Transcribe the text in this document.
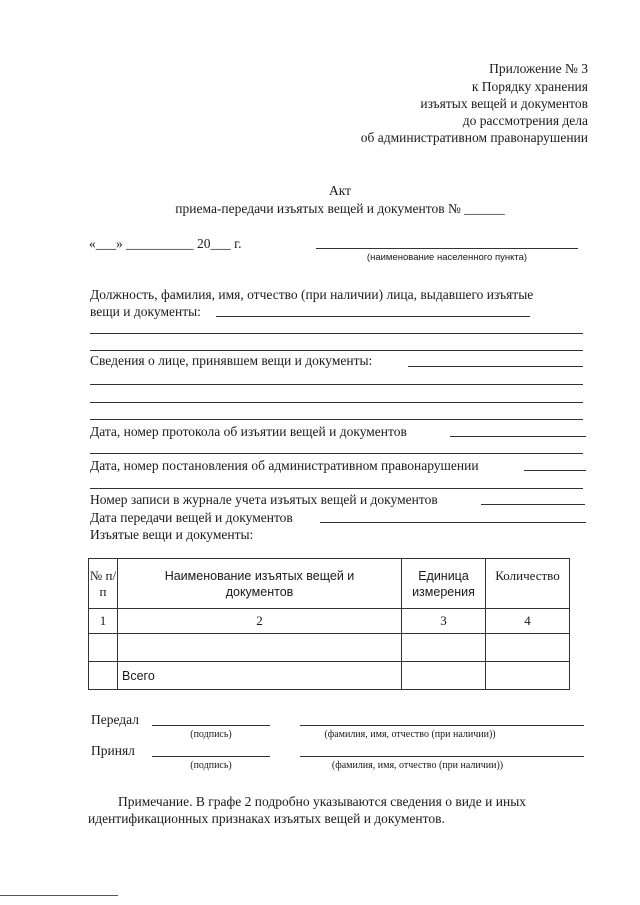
Приложение № 3
к Порядку хранения
изъятых вещей и документов
до рассмотрения дела
об административном правонарушении
Акт
приема-передачи изъятых вещей и документов № ______
«___» __________ 20___ г.
(наименование населенного пункта)
Должность, фамилия, имя, отчество (при наличии) лица, выдавшего изъятые
вещи и документы:
Сведения о лице, принявшем вещи и документы:
Дата, номер протокола об изъятии вещей и документов
Дата, номер постановления об административном правонарушении
Номер записи в журнале учета изъятых вещей и документов
Дата передачи вещей и документов
Изъятые вещи и документы:
№ п/п	Наименование изъятых вещей и документов	Единица измерения	Количество
1	2	3	4

	Всего		
Передал
(подпись)	(фамилия, имя, отчество (при наличии))
Принял
(подпись)	(фамилия, имя, отчество (при наличии))
Примечание. В графе 2 подробно указываются сведения о виде и иных
идентификационных признаках изъятых вещей и документов.
